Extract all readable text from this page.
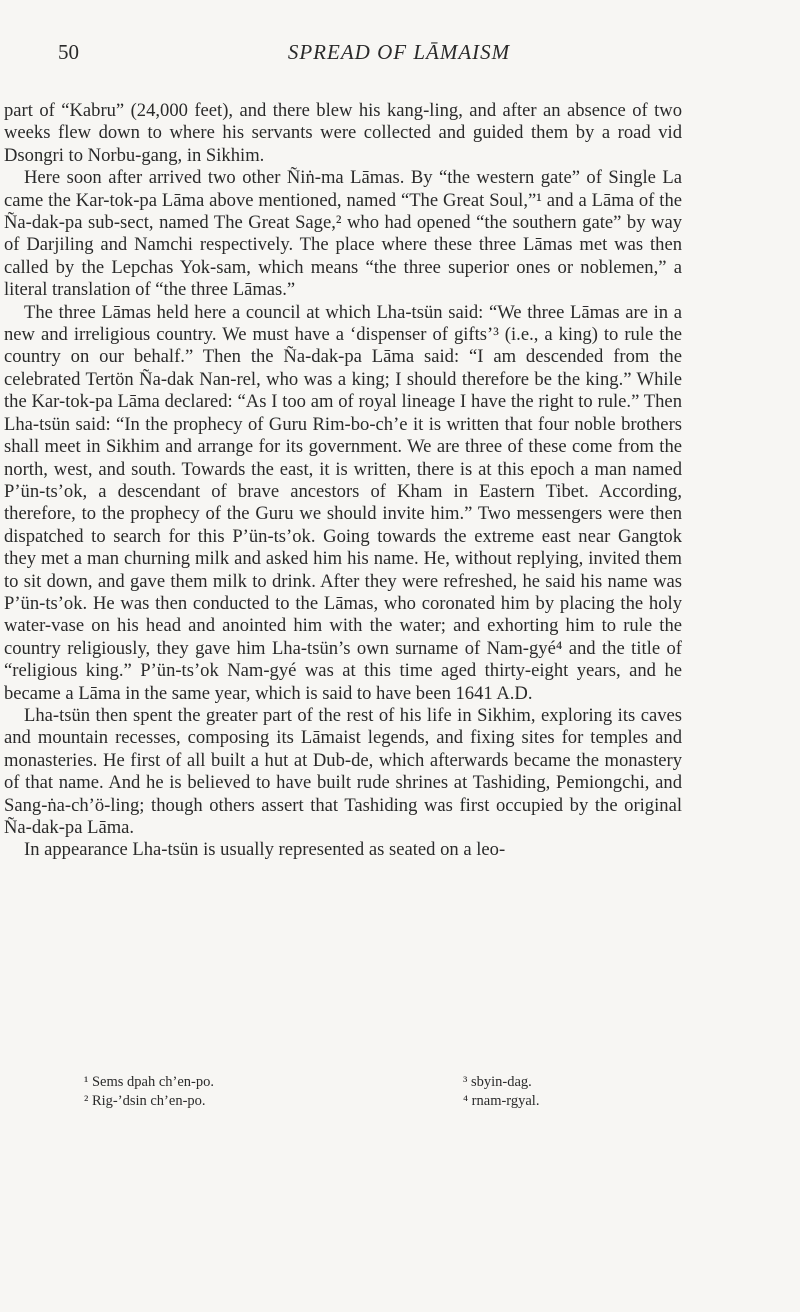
50	SPREAD OF LĀMAISM

part of “Kabru” (24,000 feet), and there blew his kang-ling, and after an absence of two weeks flew down to where his servants were collected and guided them by a road vid Dsongri to Norbu-gang, in Sikhim.

Here soon after arrived two other Ñiṅ-ma Lāmas. By “the western gate” of Single La came the Kar-tok-pa Lāma above mentioned, named “The Great Soul,”¹ and a Lāma of the Ña-dak-pa sub-sect, named The Great Sage,² who had opened “the southern gate” by way of Darjiling and Namchi respectively. The place where these three Lāmas met was then called by the Lepchas Yok-sam, which means “the three superior ones or noblemen,” a literal translation of “the three Lāmas.”

The three Lāmas held here a council at which Lha-tsün said: “We three Lāmas are in a new and irreligious country. We must have a ‘dispenser of gifts’³ (i.e., a king) to rule the country on our behalf.” Then the Ña-dak-pa Lāma said: “I am descended from the celebrated Tertön Ña-dak Nan-rel, who was a king; I should therefore be the king.” While the Kar-tok-pa Lāma declared: “As I too am of royal lineage I have the right to rule.” Then Lha-tsün said: “In the prophecy of Guru Rim-bo-ch’e it is written that four noble brothers shall meet in Sikhim and arrange for its government. We are three of these come from the north, west, and south. Towards the east, it is written, there is at this epoch a man named P’ün-ts’ok, a descendant of brave ancestors of Kham in Eastern Tibet. According, therefore, to the prophecy of the Guru we should invite him.” Two messengers were then dispatched to search for this P’ün-ts’ok. Going towards the extreme east near Gangtok they met a man churning milk and asked him his name. He, without replying, invited them to sit down, and gave them milk to drink. After they were refreshed, he said his name was P’ün-ts’ok. He was then conducted to the Lāmas, who coronated him by placing the holy water-vase on his head and anointed him with the water; and exhorting him to rule the country religiously, they gave him Lha-tsün’s own surname of Nam-gyé⁴ and the title of “religious king.” P’ün-ts’ok Nam-gyé was at this time aged thirty-eight years, and he became a Lāma in the same year, which is said to have been 1641 A.D.

Lha-tsün then spent the greater part of the rest of his life in Sikhim, exploring its caves and mountain recesses, composing its Lāmaist legends, and fixing sites for temples and monasteries. He first of all built a hut at Dub-de, which afterwards became the monastery of that name. And he is believed to have built rude shrines at Tashiding, Pemiongchi, and Sang-ṅa-ch’ö-ling; though others assert that Tashiding was first occupied by the original Ña-dak-pa Lāma.

In appearance Lha-tsün is usually represented as seated on a leo-

¹ Sems dpah ch’en-po.	³ sbyin-dag.
² Rig-’dsin ch’en-po.	⁴ rnam-rgyal.
